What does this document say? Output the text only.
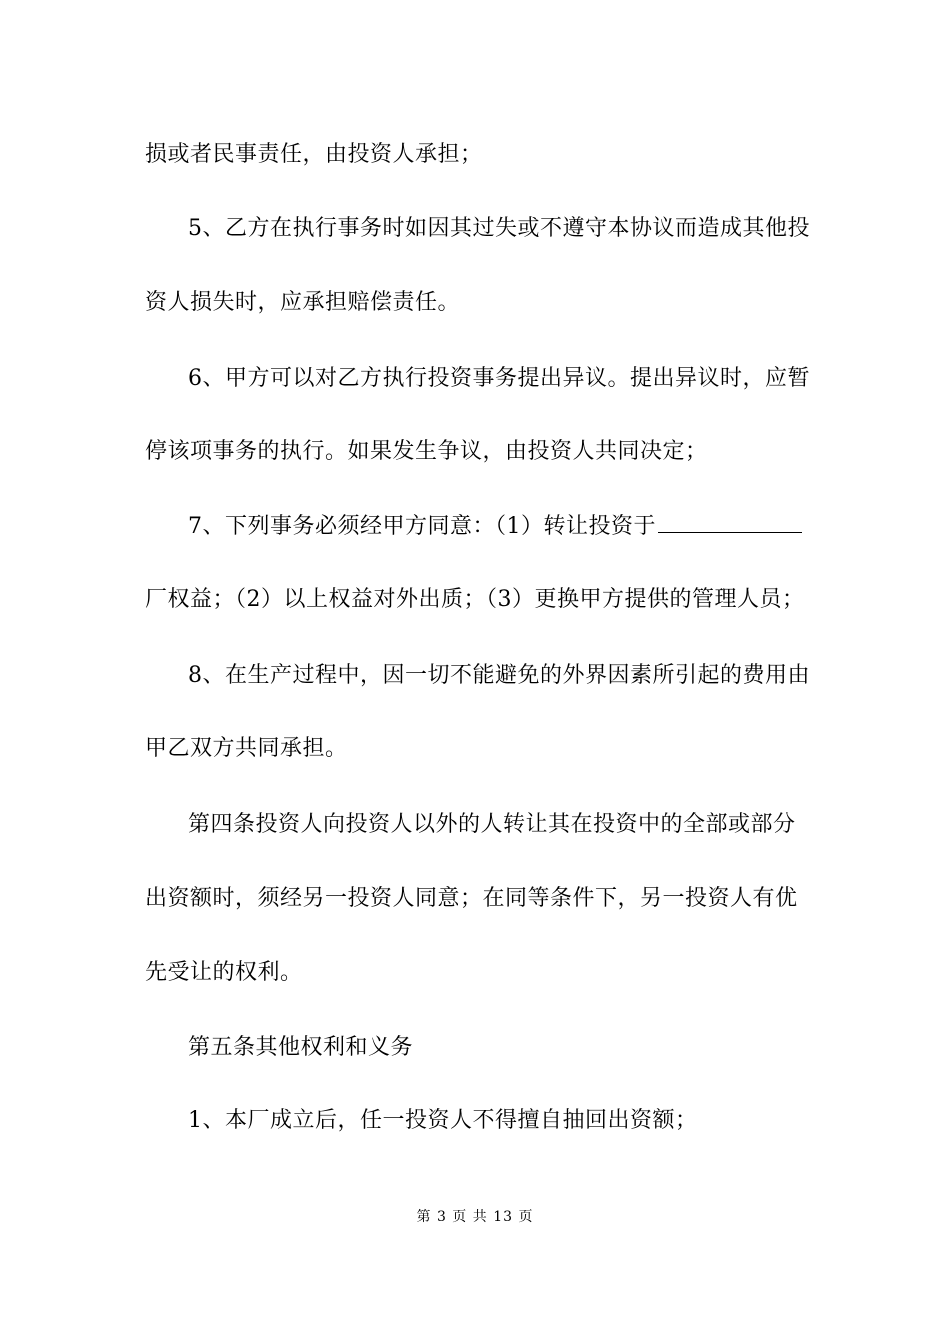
损或者民事责任，由投资人承担；
5、乙方在执行事务时如因其过失或不遵守本协议而造成其他投
资人损失时，应承担赔偿责任。
6、甲方可以对乙方执行投资事务提出异议。提出异议时，应暂
停该项事务的执行。如果发生争议，由投资人共同决定；
7、下列事务必须经甲方同意：（1）转让投资于
厂权益；（2）以上权益对外出质；（3）更换甲方提供的管理人员；
8、在生产过程中，因一切不能避免的外界因素所引起的费用由
甲乙双方共同承担。
第四条投资人向投资人以外的人转让其在投资中的全部或部分
出资额时，须经另一投资人同意；在同等条件下，另一投资人有优
先受让的权利。
第五条其他权利和义务
1、本厂成立后，任一投资人不得擅自抽回出资额；
第 3 页 共 13 页
